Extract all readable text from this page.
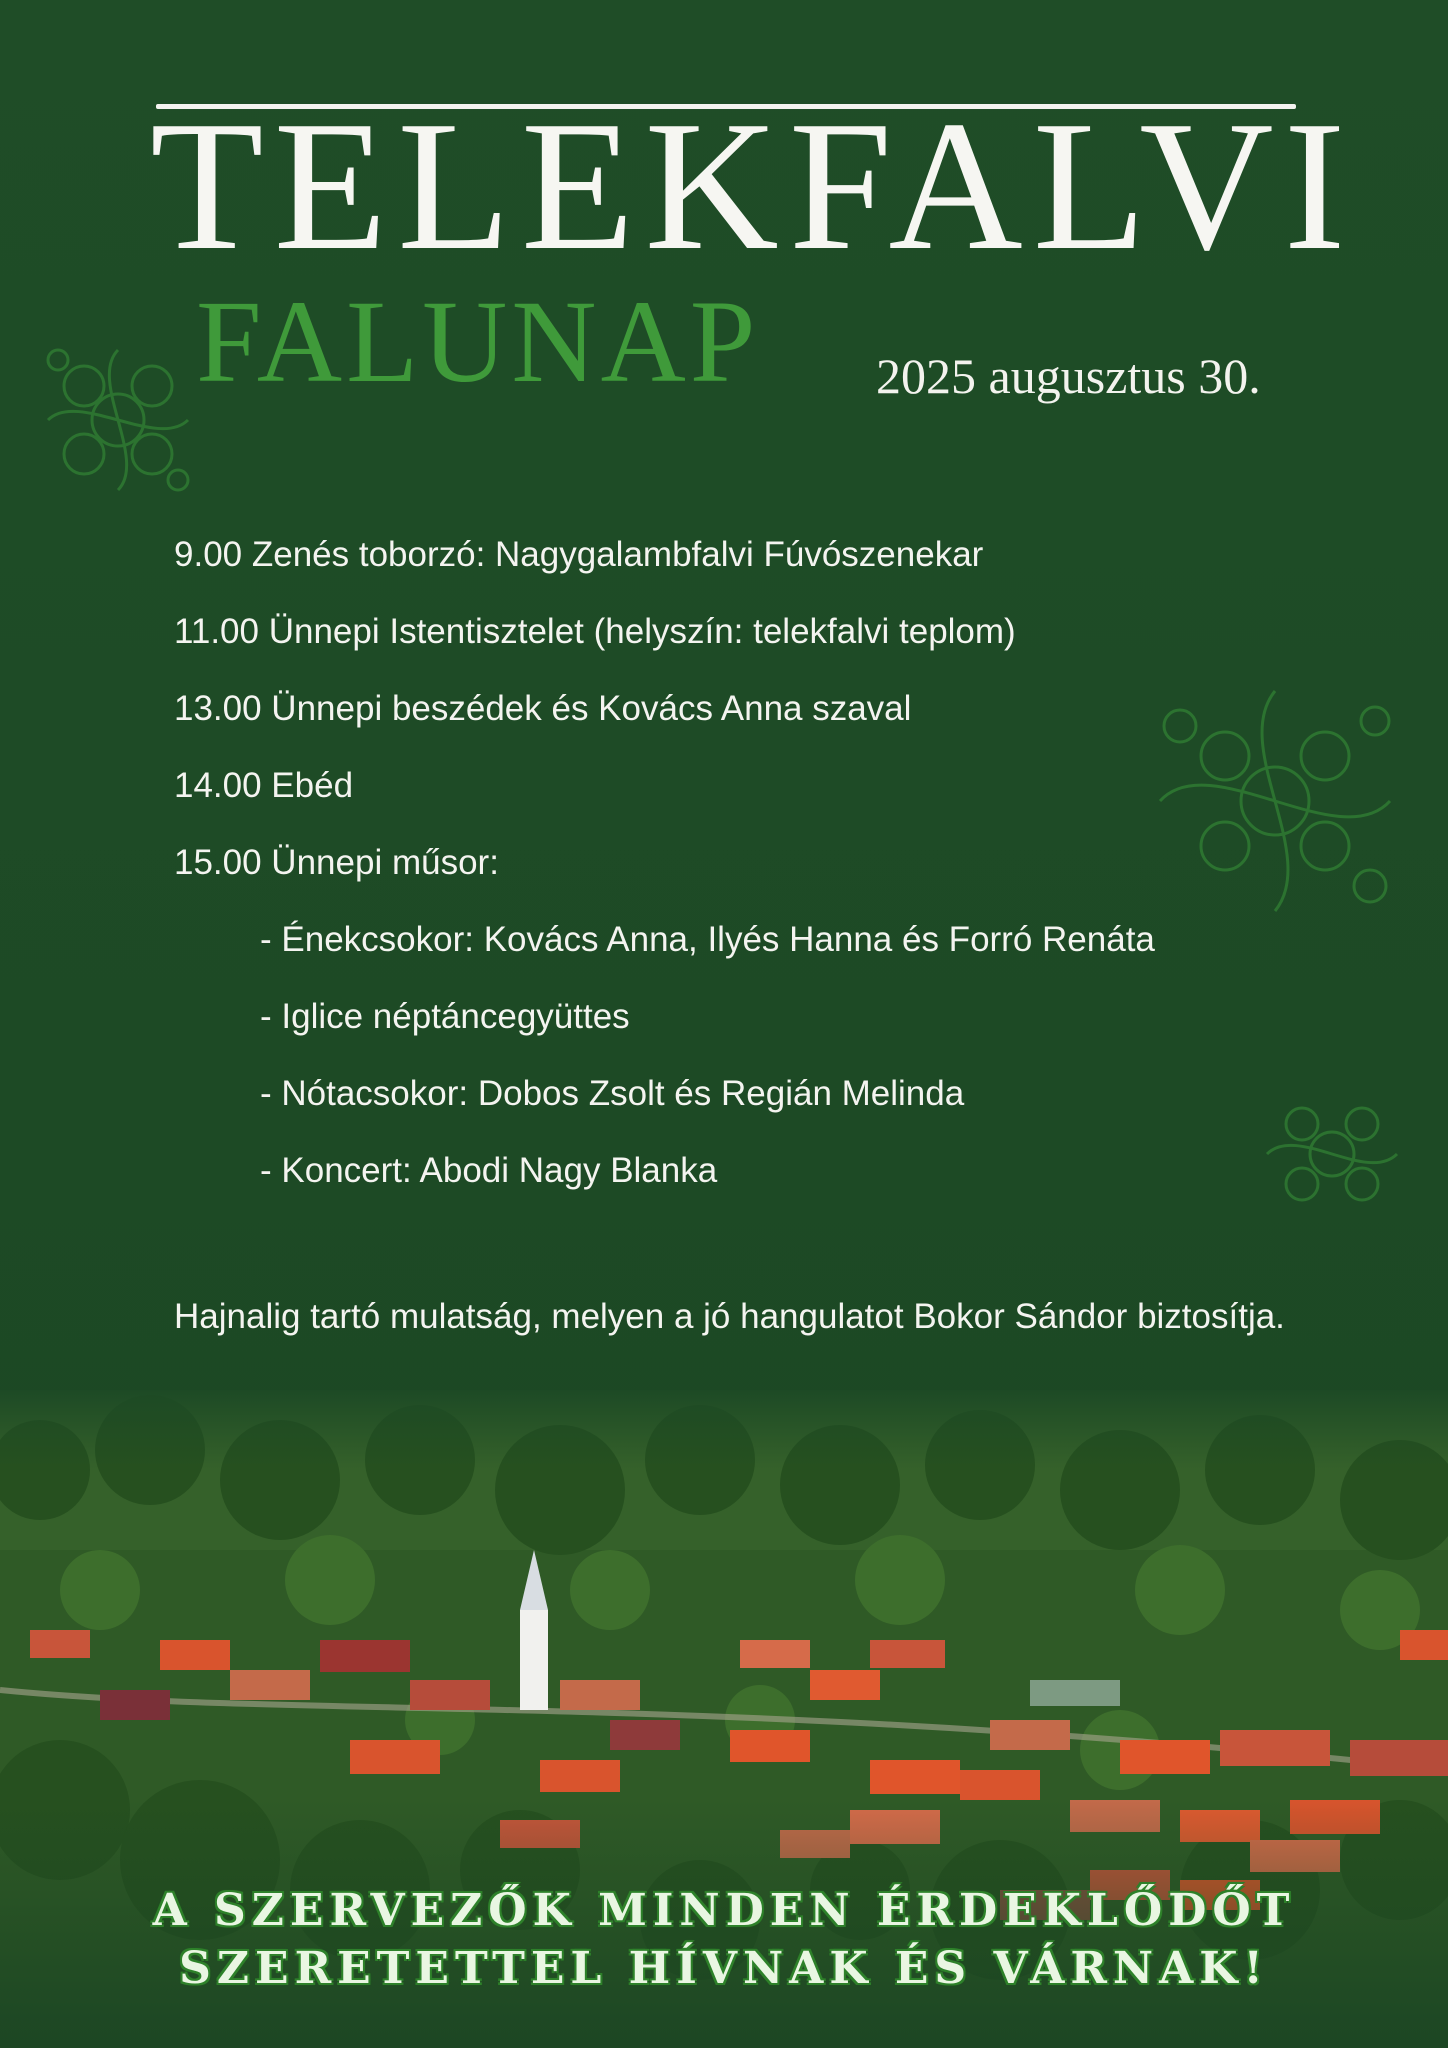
TELEKFALVI
FALUNAP 2025 augusztus 30.
9.00 Zenés toborzó: Nagygalambfalvi Fúvószenekar
11.00 Ünnepi Istentisztelet (helyszín: telekfalvi teplom)
13.00 Ünnepi beszédek és Kovács Anna szaval
14.00 Ebéd
15.00 Ünnepi műsor:
- Énekcsokor: Kovács Anna, Ilyés Hanna és Forró Renáta
- Iglice néptáncegyüttes
- Nótacsokor: Dobos Zsolt és Regián Melinda
- Koncert: Abodi Nagy Blanka
Hajnalig tartó mulatság, melyen a jó hangulatot Bokor Sándor biztosítja.
A SZERVEZŐK MINDEN ÉRDEKLŐDŐT
SZERETETTEL HÍVNAK ÉS VÁRNAK!
